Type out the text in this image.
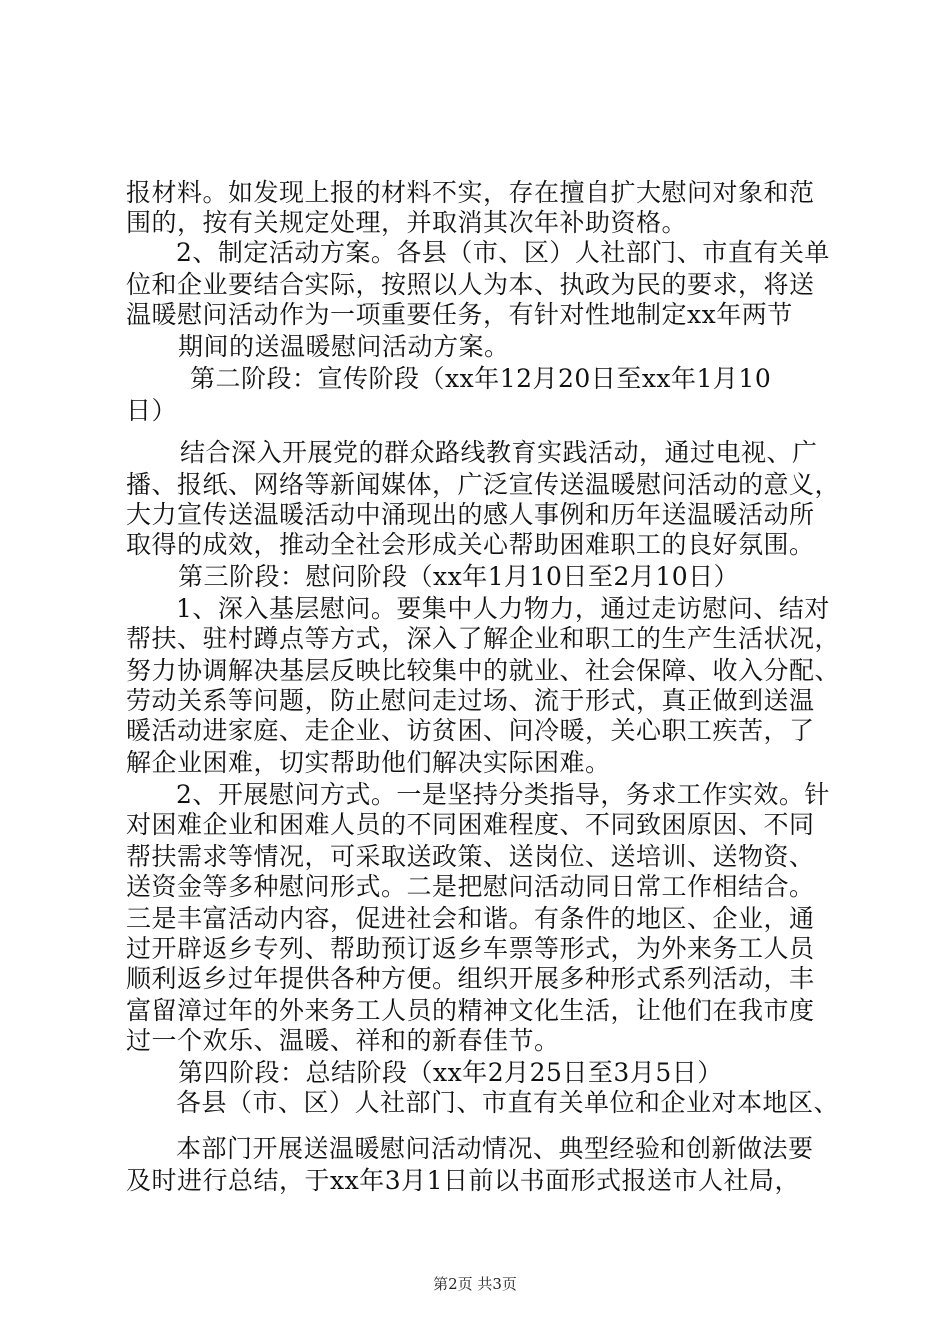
报材料。如发现上报的材料不实，存在擅自扩大慰问对象和范
围的，按有关规定处理，并取消其次年补助资格。
2、制定活动方案。各县（市、区）人社部门、市直有关单
位和企业要结合实际，按照以人为本、执政为民的要求，将送
温暖慰问活动作为一项重要任务，有针对性地制定xx年两节
期间的送温暖慰问活动方案。
第二阶段：宣传阶段（xx年12月20日至xx年1月10
日）
结合深入开展党的群众路线教育实践活动，通过电视、广
播、报纸、网络等新闻媒体，广泛宣传送温暖慰问活动的意义，
大力宣传送温暖活动中涌现出的感人事例和历年送温暖活动所
取得的成效，推动全社会形成关心帮助困难职工的良好氛围。
第三阶段：慰问阶段（xx年1月10日至2月10日）
1、深入基层慰问。要集中人力物力，通过走访慰问、结对
帮扶、驻村蹲点等方式，深入了解企业和职工的生产生活状况，
努力协调解决基层反映比较集中的就业、社会保障、收入分配、
劳动关系等问题，防止慰问走过场、流于形式，真正做到送温
暖活动进家庭、走企业、访贫困、问冷暖，关心职工疾苦，了
解企业困难，切实帮助他们解决实际困难。
2、开展慰问方式。一是坚持分类指导，务求工作实效。针
对困难企业和困难人员的不同困难程度、不同致困原因、不同
帮扶需求等情况，可采取送政策、送岗位、送培训、送物资、
送资金等多种慰问形式。二是把慰问活动同日常工作相结合。
三是丰富活动内容，促进社会和谐。有条件的地区、企业，通
过开辟返乡专列、帮助预订返乡车票等形式，为外来务工人员
顺利返乡过年提供各种方便。组织开展多种形式系列活动，丰
富留漳过年的外来务工人员的精神文化生活，让他们在我市度
过一个欢乐、温暖、祥和的新春佳节。
第四阶段：总结阶段（xx年2月25日至3月5日）
各县（市、区）人社部门、市直有关单位和企业对本地区、
本部门开展送温暖慰问活动情况、典型经验和创新做法要
及时进行总结，于xx年3月1日前以书面形式报送市人社局，
第2页 共3页
